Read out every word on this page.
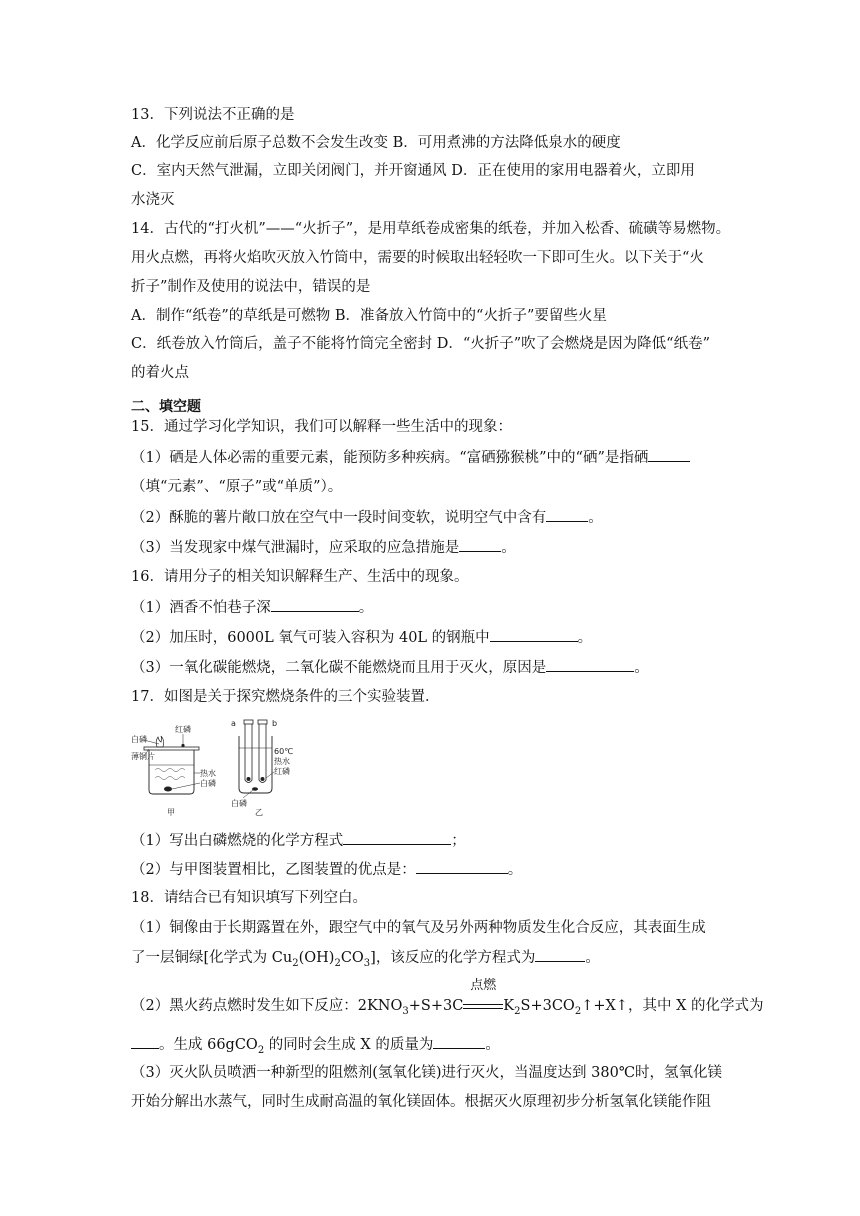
13．下列说法不正确的是
A．化学反应前后原子总数不会发生改变 B．可用煮沸的方法降低泉水的硬度
C．室内天然气泄漏，立即关闭阀门，并开窗通风 D．正在使用的家用电器着火，立即用
水浇灭
14．古代的“打火机”——“火折子”，是用草纸卷成密集的纸卷，并加入松香、硫磺等易燃物。
用火点燃，再将火焰吹灭放入竹筒中，需要的时候取出轻轻吹一下即可生火。以下关于“火
折子”制作及使用的说法中，错误的是
A．制作“纸卷”的草纸是可燃物 B．准备放入竹筒中的“火折子”要留些火星
C．纸卷放入竹筒后，盖子不能将竹筒完全密封 D．“火折子”吹了会燃烧是因为降低“纸卷”
的着火点
二、填空题
15．通过学习化学知识，我们可以解释一些生活中的现象：
（1）硒是人体必需的重要元素，能预防多种疾病。“富硒猕猴桃”中的“硒”是指硒
（填“元素”、“原子”或“单质”）。
（2）酥脆的薯片敞口放在空气中一段时间变软，说明空气中含有	。
（3）当发现家中煤气泄漏时，应采取的应急措施是	。
16．请用分子的相关知识解释生产、生活中的现象。
（1）酒香不怕巷子深	。
（2）加压时，6000L 氧气可装入容积为 40L 的钢瓶中	。
（3）一氧化碳能燃烧，二氧化碳不能燃烧而且用于灭火，原因是	。
17．如图是关于探究燃烧条件的三个实验装置．
红磷
白磷
薄铜片
热水
白磷
甲
a	b
60℃
热水
红磷
白磷
乙
（1）写出白磷燃烧的化学方程式	；
（2）与甲图装置相比，乙图装置的优点是：	。
18．请结合已有知识填写下列空白。
（1）铜像由于长期露置在外，跟空气中的氧气及另外两种物质发生化合反应，其表面生成
了一层铜绿[化学式为 $Cu_2(OH)_2CO_3$]，该反应的化学方程式为	。
（2）黑火药点燃时发生如下反应：$2KNO_3+S+3C$
点燃
$K_2S+3CO_2↑+X↑$，其中 X 的化学式为
。生成 66gCO$_2$ 的同时会生成 X 的质量为	。
（3）灭火队员喷洒一种新型的阻燃剂(氢氧化镁)进行灭火，当温度达到 380℃时，氢氧化镁
开始分解出水蒸气，同时生成耐高温的氧化镁固体。根据灭火原理初步分析氢氧化镁能作阻
